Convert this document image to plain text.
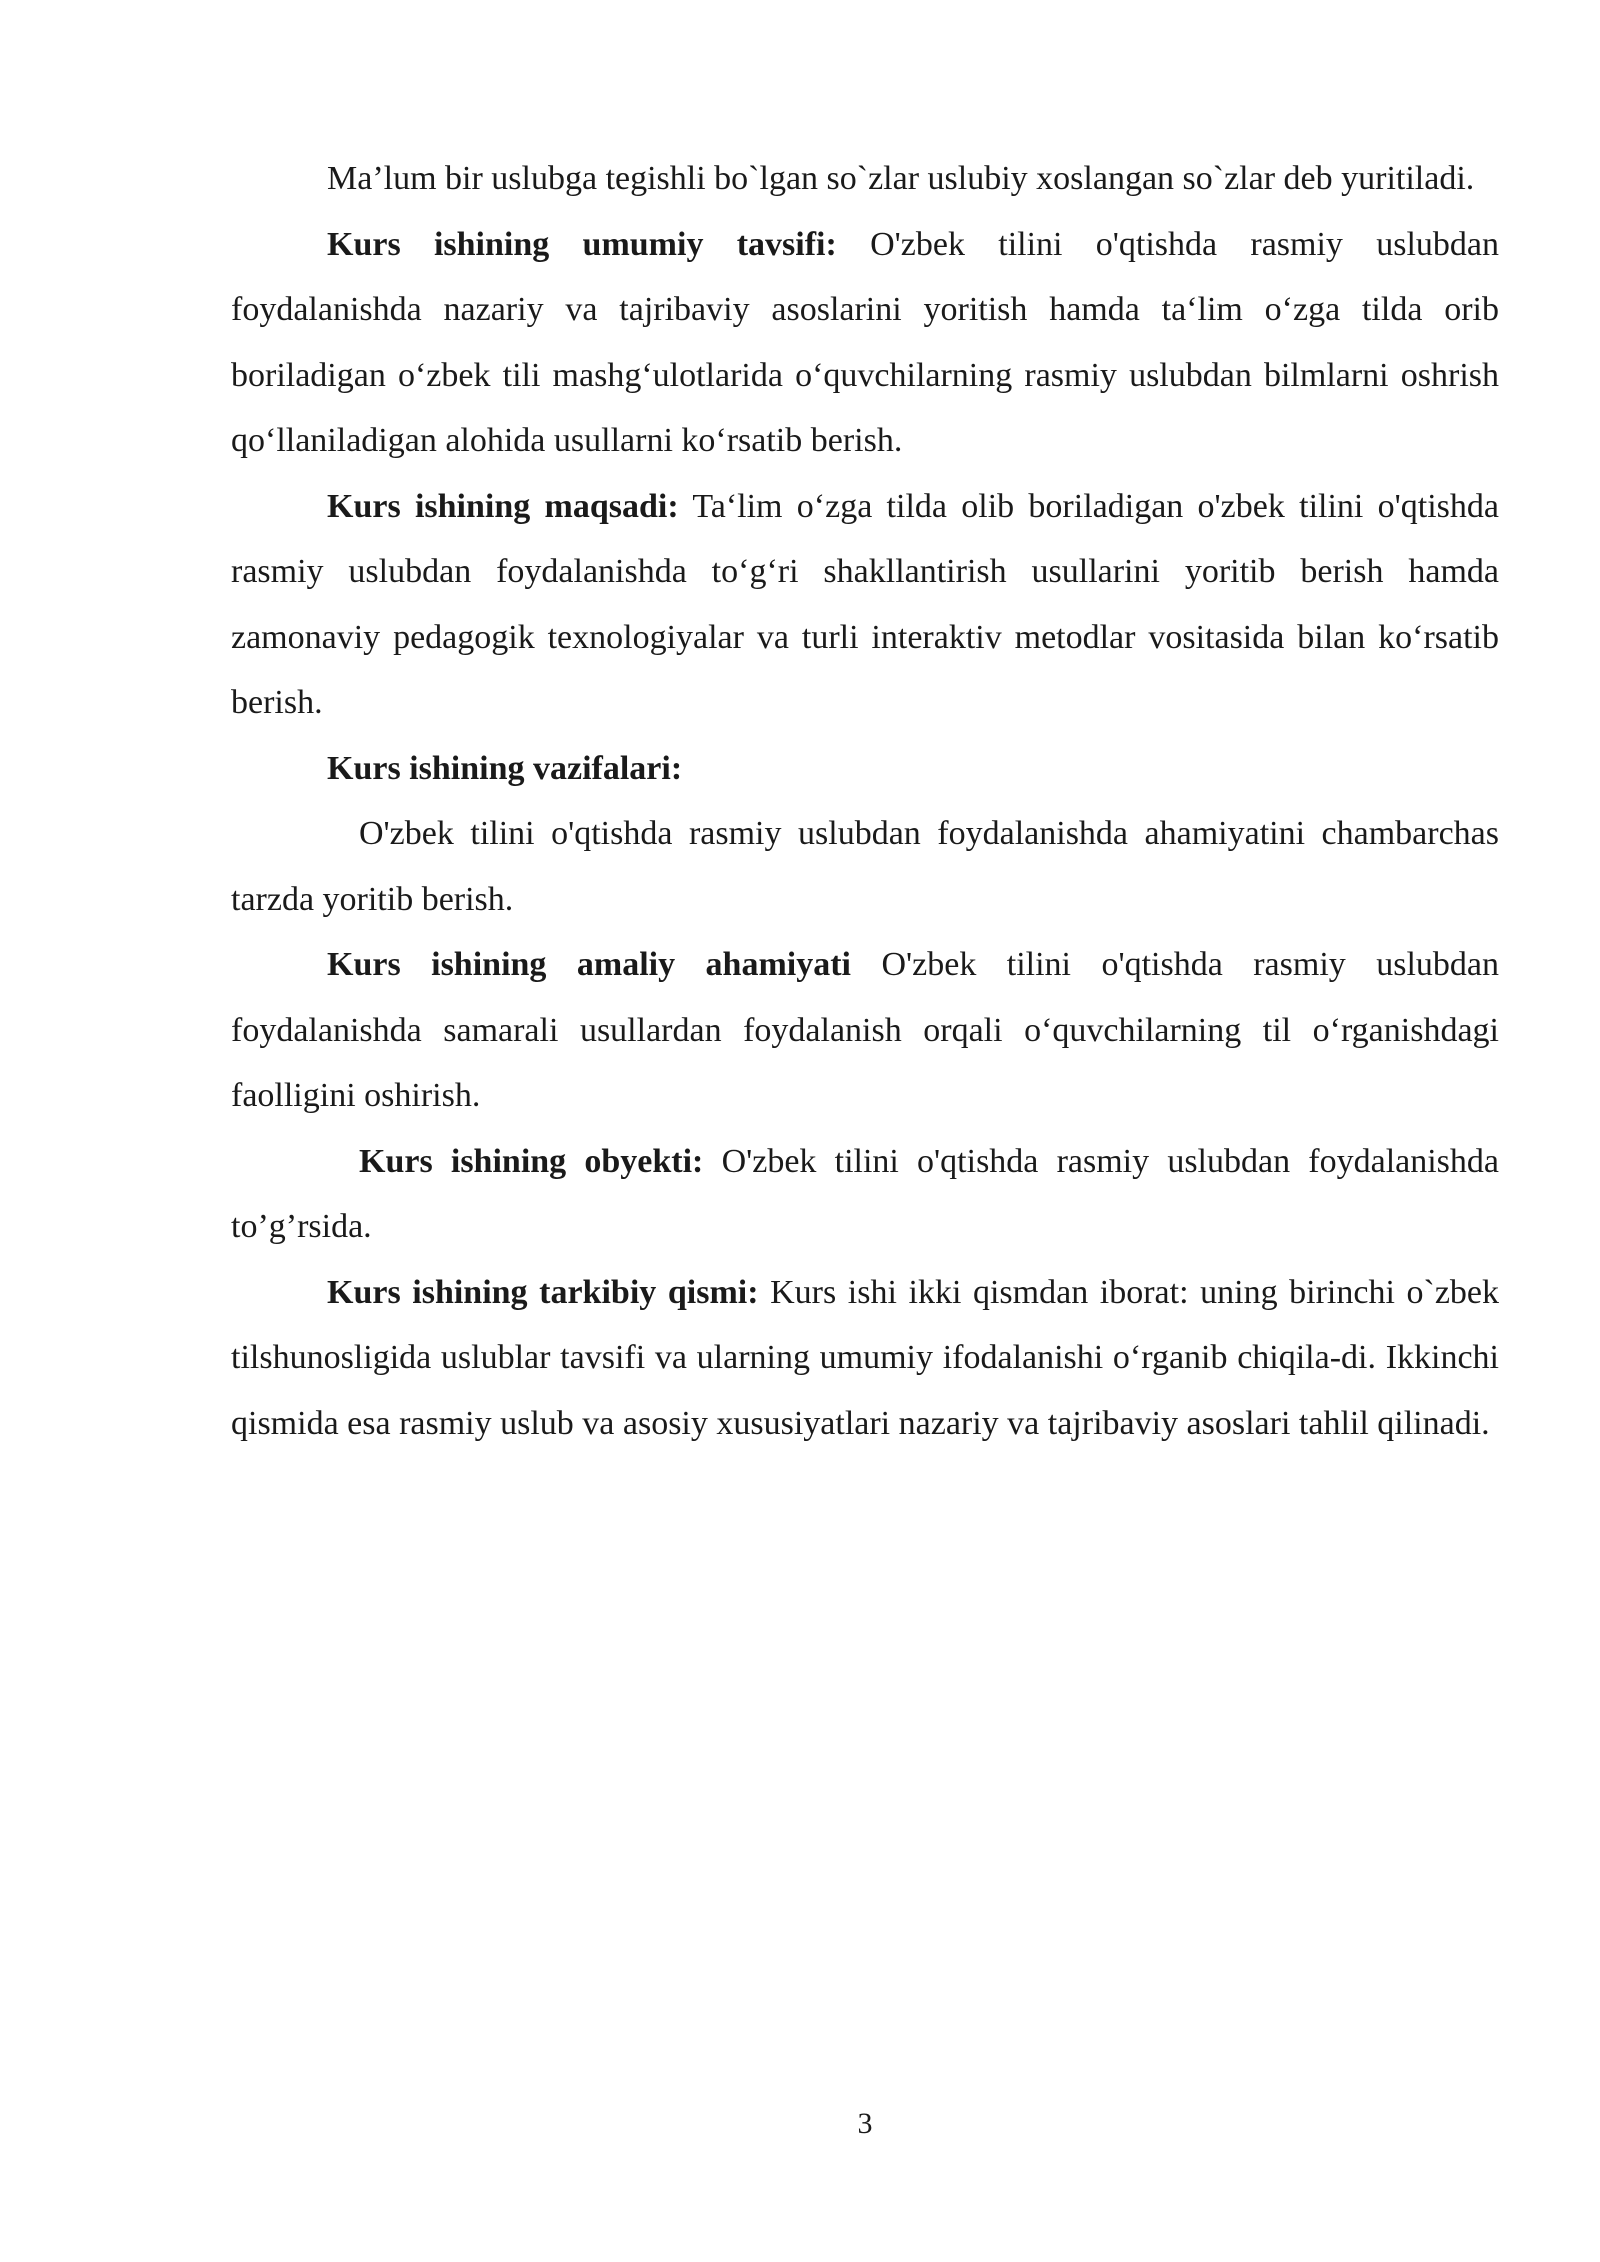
Ma’lum bir uslubga tegishli bo`lgan so`zlar uslubiy xoslangan so`zlar deb yuritiladi.

Kurs ishining umumiy tavsifi: O'zbek tilini o'qtishda rasmiy uslubdan foydalanishda nazariy va tajribaviy asoslarini yoritish hamda ta‘lim o‘zga tilda orib boriladigan o‘zbek tili mashg‘ulotlarida o‘quvchilarning rasmiy uslubdan bilmlarni oshrish qo‘llaniladigan alohida usullarni ko‘rsatib berish.

Kurs ishining maqsadi: Ta‘lim o‘zga tilda olib boriladigan o'zbek tilini o'qtishda rasmiy uslubdan foydalanishda to‘g‘ri shakllantirish usullarini yoritib berish hamda zamonaviy pedagogik texnologiyalar va turli interaktiv metodlar vositasida bilan ko‘rsatib berish.

Kurs ishining vazifalari:

O'zbek tilini o'qtishda rasmiy uslubdan foydalanishda ahamiyatini chambarchas tarzda yoritib berish.

Kurs ishining amaliy ahamiyati O'zbek tilini o'qtishda rasmiy uslubdan foydalanishda samarali usullardan foydalanish orqali o‘quvchilarning til o‘rganishdagi faolligini oshirish.

Kurs ishining obyekti: O'zbek tilini o'qtishda rasmiy uslubdan foydalanishda to’g’rsida.

Kurs ishining tarkibiy qismi: Kurs ishi ikki qismdan iborat: uning birinchi o`zbek tilshunosligida uslublar tavsifi va ularning umumiy ifodalanishi o‘rganib chiqila-di. Ikkinchi qismida esa rasmiy uslub va asosiy xususiyatlari nazariy va tajribaviy asoslari tahlil qilinadi.

3
